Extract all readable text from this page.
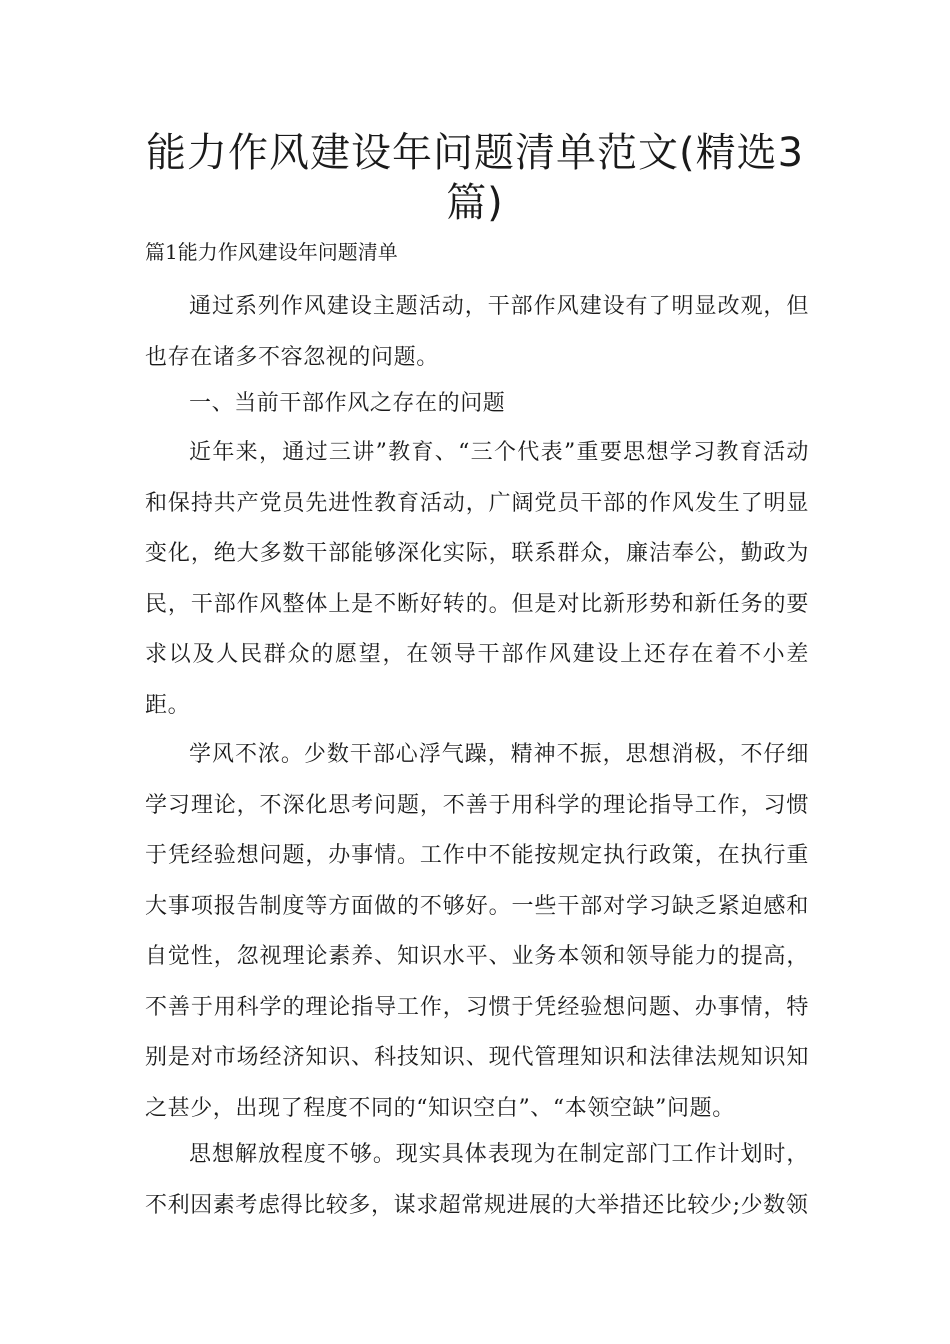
能力作风建设年问题清单范文(精选3篇)
篇1能力作风建设年问题清单

通过系列作风建设主题活动，干部作风建设有了明显改观，但也存在诸多不容忽视的问题。

一、当前干部作风之存在的问题

近年来，通过三讲”教育、“三个代表”重要思想学习教育活动和保持共产党员先进性教育活动，广阔党员干部的作风发生了明显变化，绝大多数干部能够深化实际，联系群众，廉洁奉公，勤政为民，干部作风整体上是不断好转的。但是对比新形势和新任务的要求以及人民群众的愿望，在领导干部作风建设上还存在着不小差距。

学风不浓。少数干部心浮气躁，精神不振，思想消极，不仔细学习理论，不深化思考问题，不善于用科学的理论指导工作，习惯于凭经验想问题，办事情。工作中不能按规定执行政策，在执行重大事项报告制度等方面做的不够好。一些干部对学习缺乏紧迫感和自觉性，忽视理论素养、知识水平、业务本领和领导能力的提高，不善于用科学的理论指导工作，习惯于凭经验想问题、办事情，特别是对市场经济知识、科技知识、现代管理知识和法律法规知识知之甚少，出现了程度不同的“知识空白”、“本领空缺”问题。

思想解放程度不够。现实具体表现为在制定部门工作计划时，不利因素考虑得比较多，谋求超常规进展的大举措还比较少;少数领
